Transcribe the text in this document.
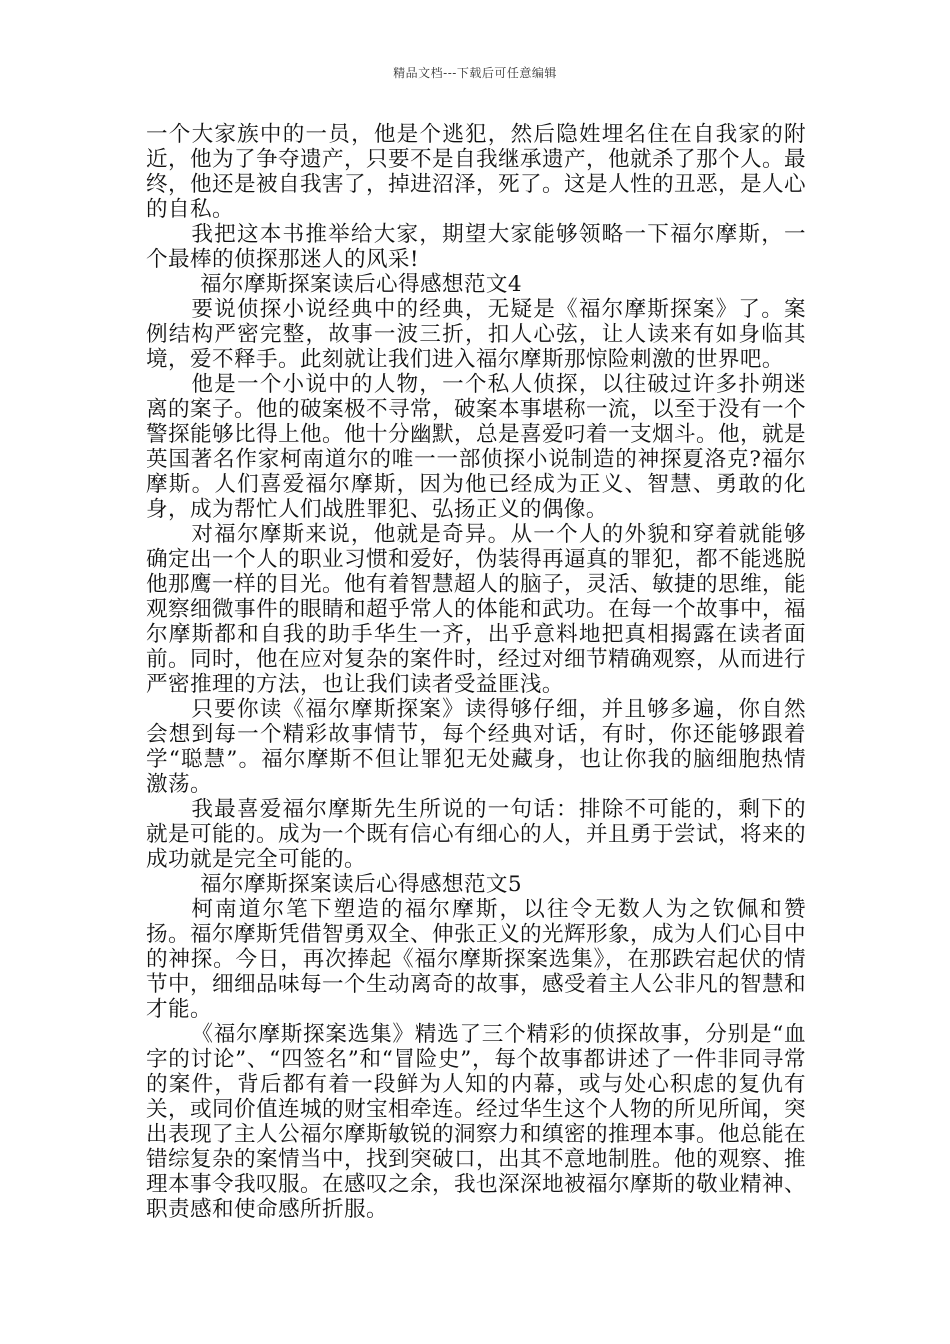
精品文档---下载后可任意编辑

一个大家族中的一员，他是个逃犯，然后隐姓埋名住在自我家的附近，他为了争夺遗产，只要不是自我继承遗产，他就杀了那个人。最终，他还是被自我害了，掉进沼泽，死了。这是人性的丑恶，是人心的自私。

我把这本书推举给大家，期望大家能够领略一下福尔摩斯，一个最棒的侦探那迷人的风采!

福尔摩斯探案读后心得感想范文4

要说侦探小说经典中的经典，无疑是《福尔摩斯探案》了。案例结构严密完整，故事一波三折，扣人心弦，让人读来有如身临其境，爱不释手。此刻就让我们进入福尔摩斯那惊险刺激的世界吧。

他是一个小说中的人物，一个私人侦探，以往破过许多扑朔迷离的案子。他的破案极不寻常，破案本事堪称一流，以至于没有一个警探能够比得上他。他十分幽默，总是喜爱叼着一支烟斗。他，就是英国著名作家柯南道尔的唯一一部侦探小说制造的神探夏洛克?福尔摩斯。人们喜爱福尔摩斯，因为他已经成为正义、智慧、勇敢的化身，成为帮忙人们战胜罪犯、弘扬正义的偶像。

对福尔摩斯来说，他就是奇异。从一个人的外貌和穿着就能够确定出一个人的职业习惯和爱好，伪装得再逼真的罪犯，都不能逃脱他那鹰一样的目光。他有着智慧超人的脑子，灵活、敏捷的思维，能观察细微事件的眼睛和超乎常人的体能和武功。在每一个故事中，福尔摩斯都和自我的助手华生一齐，出乎意料地把真相揭露在读者面前。同时，他在应对复杂的案件时，经过对细节精确观察，从而进行严密推理的方法，也让我们读者受益匪浅。

只要你读《福尔摩斯探案》读得够仔细，并且够多遍，你自然会想到每一个精彩故事情节，每个经典对话，有时，你还能够跟着学“聪慧”。福尔摩斯不但让罪犯无处藏身，也让你我的脑细胞热情激荡。

我最喜爱福尔摩斯先生所说的一句话：排除不可能的，剩下的就是可能的。成为一个既有信心有细心的人，并且勇于尝试，将来的成功就是完全可能的。

福尔摩斯探案读后心得感想范文5

柯南道尔笔下塑造的福尔摩斯，以往令无数人为之钦佩和赞扬。福尔摩斯凭借智勇双全、伸张正义的光辉形象，成为人们心目中的神探。今日，再次捧起《福尔摩斯探案选集》，在那跌宕起伏的情节中，细细品味每一个生动离奇的故事，感受着主人公非凡的智慧和才能。

《福尔摩斯探案选集》精选了三个精彩的侦探故事，分别是“血字的讨论”、“四签名”和“冒险史”，每个故事都讲述了一件非同寻常的案件，背后都有着一段鲜为人知的内幕，或与处心积虑的复仇有关，或同价值连城的财宝相牵连。经过华生这个人物的所见所闻，突出表现了主人公福尔摩斯敏锐的洞察力和缜密的推理本事。他总能在错综复杂的案情当中，找到突破口，出其不意地制胜。他的观察、推理本事令我叹服。在感叹之余，我也深深地被福尔摩斯的敬业精神、职责感和使命感所折服。
